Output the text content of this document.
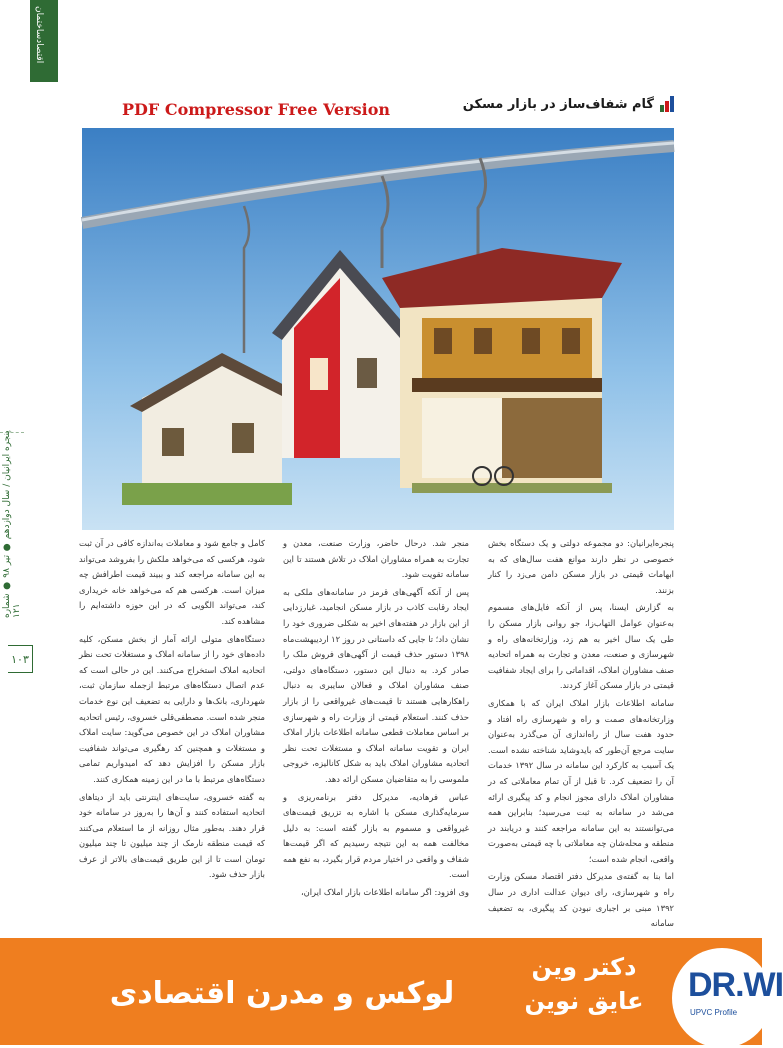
اقتصادساختمان
PDF Compressor Free Version	گام شفاف‌ساز در بازار مسکن
پنجره ایرانیان / سال دوازدهم ● تیر ۹۸ ● شماره ۱۲۱
۱۰۳

پنجره‌ایرانیان: دو مجموعه دولتی و یک دستگاه بخش خصوصی در نظر دارند موانع هفت سال‌های که به ابهامات قیمتی در بازار مسکن دامن می‌زد را کنار بزنند.

به گزارش ایسنا، پس از آنکه فایل‌های مسموم به‌عنوان عوامل التهاب‌زا، جو روانی بازار مسکن را طی یک سال اخیر به هم زد، وزارتخانه‌های راه و شهرسازی و صنعت، معدن و تجارت به همراه اتحادیه صنف مشاوران املاک، اقداماتی را برای ایجاد شفافیت قیمتی در بازار مسکن آغاز کردند.

سامانه اطلاعات بازار املاک ایران که با همکاری وزارتخانه‌های صمت و راه و شهرسازی راه افتاد و حدود هفت سال از راه‌اندازی آن می‌گذرد به‌عنوان سایت مرجع آن‌طور که بایدوشاید شناخته نشده است. یک آسیب به کارکرد این سامانه در سال ۱۳۹۲ خدمات آن را تضعیف کرد. تا قبل از آن تمام معاملاتی که در مشاوران املاک دارای مجوز انجام و کد پیگیری ارائه می‌شد در سامانه به ثبت می‌رسید؛ بنابراین همه می‌توانستند به این سامانه مراجعه کنند و دریابند در منطقه و محله‌شان چه معاملاتی با چه قیمتی به‌صورت واقعی، انجام شده است؛

اما بنا به گفته‌ی مدیرکل دفتر اقتصاد مسکن وزارت راه و شهرسازی، رای دیوان عدالت اداری در سال ۱۳۹۲ مبنی بر اجباری نبودن کد پیگیری، به تضعیف سامانه

منجر شد. درحال حاضر، وزارت صنعت، معدن و تجارت به همراه مشاوران املاک در تلاش هستند تا این سامانه تقویت شود.

پس از آنکه آگهی‌های قرمز در سامانه‌های ملکی به ایجاد رقابت کاذب در بازار مسکن انجامید، غبارزدایی از این بازار در هفته‌های اخیر به شکلی ضروری خود را نشان داد؛ تا جایی که داستانی در روز ۱۲ اردیبهشت‌ماه ۱۳۹۸ دستور حذف قیمت از آگهی‌های فروش ملک را صادر کرد. به دنبال این دستور، دستگاه‌های دولتی، صنف مشاوران املاک و فعالان سایبری به دنبال راهکارهایی هستند تا قیمت‌های غیرواقعی را از بازار حذف کنند. استعلام قیمتی از وزارت راه و شهرسازی بر اساس معاملات قطعی سامانه اطلاعات بازار املاک ایران و تقویت سامانه املاک و مستغلات تحت نظر اتحادیه مشاوران املاک باید به شکل کانالیزه، خروجی ملموسی را به متقاضیان مسکن ارائه دهد.

عباس فرهادیه، مدیرکل دفتر برنامه‌ریزی و سرمایه‌گذاری مسکن با اشاره به تزریق قیمت‌های غیرواقعی و مسموم به بازار گفته است: به دلیل مخالفت همه به این نتیجه رسیدیم که اگر قیمت‌ها شفاف و واقعی در اختیار مردم قرار بگیرد، به نفع همه است.

وی افزود: اگر سامانه اطلاعات بازار املاک ایران،

کامل و جامع شود و معاملات به‌اندازه کافی در آن ثبت شود، هرکسی که می‌خواهد ملکش را بفروشد می‌تواند به این سامانه مراجعه کند و ببیند قیمت اطرافش چه میزان است. هرکسی هم که می‌خواهد خانه خریداری کند، می‌تواند الگویی که در این حوزه داشته‌ایم را مشاهده کند.

دستگاه‌های متولی ارائه آمار از بخش مسکن، کلیه داده‌های خود را از سامانه املاک و مستغلات تحت نظر اتحادیه املاک استخراج می‌کنند. این در حالی است که عدم اتصال دستگاه‌های مرتبط ازجمله سازمان ثبت، شهرداری، بانک‌ها و دارایی به تضعیف این نوع خدمات منجر شده است. مصطفی‌قلی خسروی، رئیس اتحادیه مشاوران املاک در این خصوص می‌گوید: سایت املاک و مستغلات و همچنین کد رهگیری می‌تواند شفافیت بازار مسکن را افزایش دهد که امیدواریم تمامی دستگاه‌های مرتبط با ما در این زمینه همکاری کنند.

به گفته خسروی، سایت‌های اینترنتی باید از دیتاهای اتحادیه استفاده کنند و آن‌ها را به‌روز در سامانه خود قرار دهند. به‌طور مثال روزانه از ما استعلام می‌کنند که قیمت منطقه نارمک از چند میلیون تا چند میلیون تومان است تا از این طریق قیمت‌های بالاتر از عرف بازار حذف شود.

لوکس و مدرن اقتصادی
دکتر وین
عایق نوین	DR.WI
UPVC Profile
